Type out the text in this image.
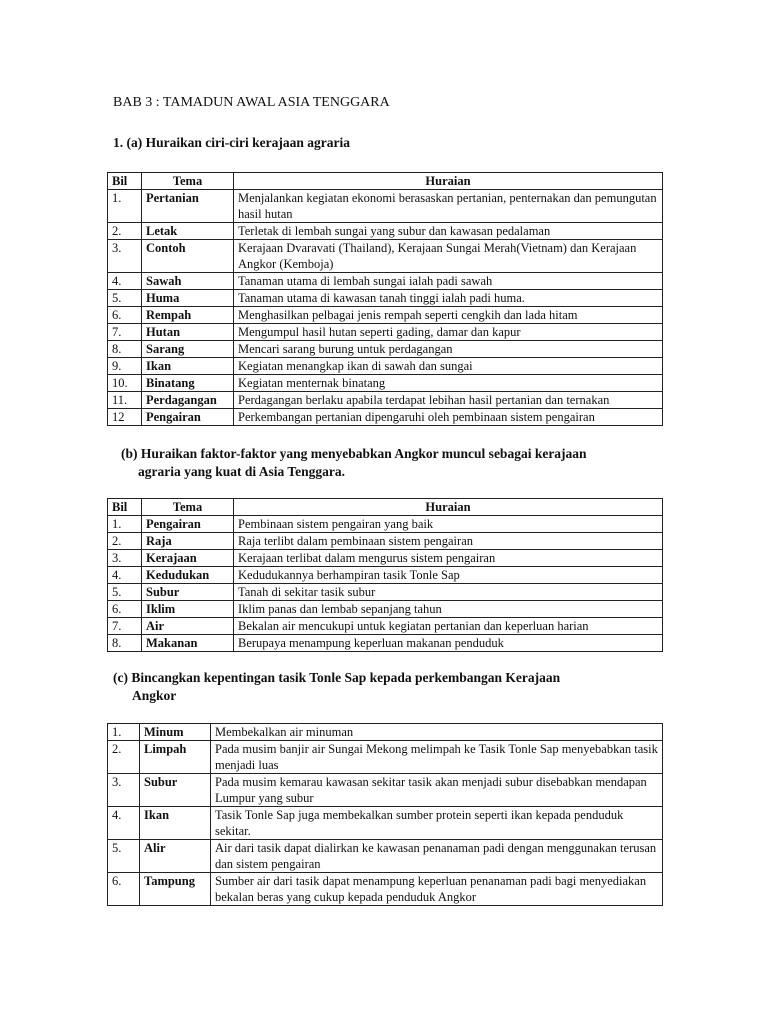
BAB 3 : TAMADUN AWAL ASIA TENGGARA
1. (a) Huraikan ciri-ciri kerajaan agraria
Bil	Tema	Huraian
1.	Pertanian	Menjalankan kegiatan ekonomi berasaskan pertanian, penternakan dan pemungutan hasil hutan
2.	Letak	Terletak di lembah sungai yang subur dan kawasan pedalaman
3.	Contoh	Kerajaan Dvaravati (Thailand), Kerajaan Sungai Merah(Vietnam) dan Kerajaan Angkor (Kemboja)
4.	Sawah	Tanaman utama di lembah sungai ialah padi sawah
5.	Huma	Tanaman utama di kawasan tanah tinggi ialah padi huma.
6.	Rempah	Menghasilkan pelbagai jenis rempah seperti cengkih dan lada hitam
7.	Hutan	Mengumpul hasil hutan seperti gading, damar dan kapur
8.	Sarang	Mencari sarang burung untuk perdagangan
9.	Ikan	Kegiatan menangkap ikan di sawah dan sungai
10.	Binatang	Kegiatan menternak binatang
11.	Perdagangan	Perdagangan berlaku apabila terdapat lebihan hasil pertanian dan ternakan
12	Pengairan	Perkembangan pertanian dipengaruhi oleh pembinaan sistem pengairan
(b) Huraikan faktor-faktor yang menyebabkan Angkor muncul sebagai kerajaan
agraria yang kuat di Asia Tenggara.
Bil	Tema	Huraian
1.	Pengairan	Pembinaan sistem pengairan yang baik
2.	Raja	Raja terlibt dalam pembinaan sistem pengairan
3.	Kerajaan	Kerajaan terlibat dalam mengurus sistem pengairan
4.	Kedudukan	Kedudukannya berhampiran tasik Tonle Sap
5.	Subur	Tanah di sekitar tasik subur
6.	Iklim	Iklim panas dan lembab sepanjang tahun
7.	Air	Bekalan air mencukupi untuk kegiatan pertanian dan keperluan harian
8.	Makanan	Berupaya menampung keperluan makanan penduduk
(c) Bincangkan kepentingan tasik Tonle Sap kepada perkembangan Kerajaan
Angkor
1.	Minum	Membekalkan air minuman
2.	Limpah	Pada musim banjir air Sungai Mekong melimpah ke Tasik Tonle Sap menyebabkan tasik menjadi luas
3.	Subur	Pada musim kemarau kawasan sekitar tasik akan menjadi subur disebabkan mendapan Lumpur yang subur
4.	Ikan	Tasik Tonle Sap juga membekalkan sumber protein seperti ikan kepada penduduk sekitar.
5.	Alir	Air dari tasik dapat dialirkan ke kawasan penanaman padi dengan menggunakan terusan dan sistem pengairan
6.	Tampung	Sumber air dari tasik dapat menampung keperluan penanaman padi bagi menyediakan bekalan beras yang cukup kepada penduduk Angkor
